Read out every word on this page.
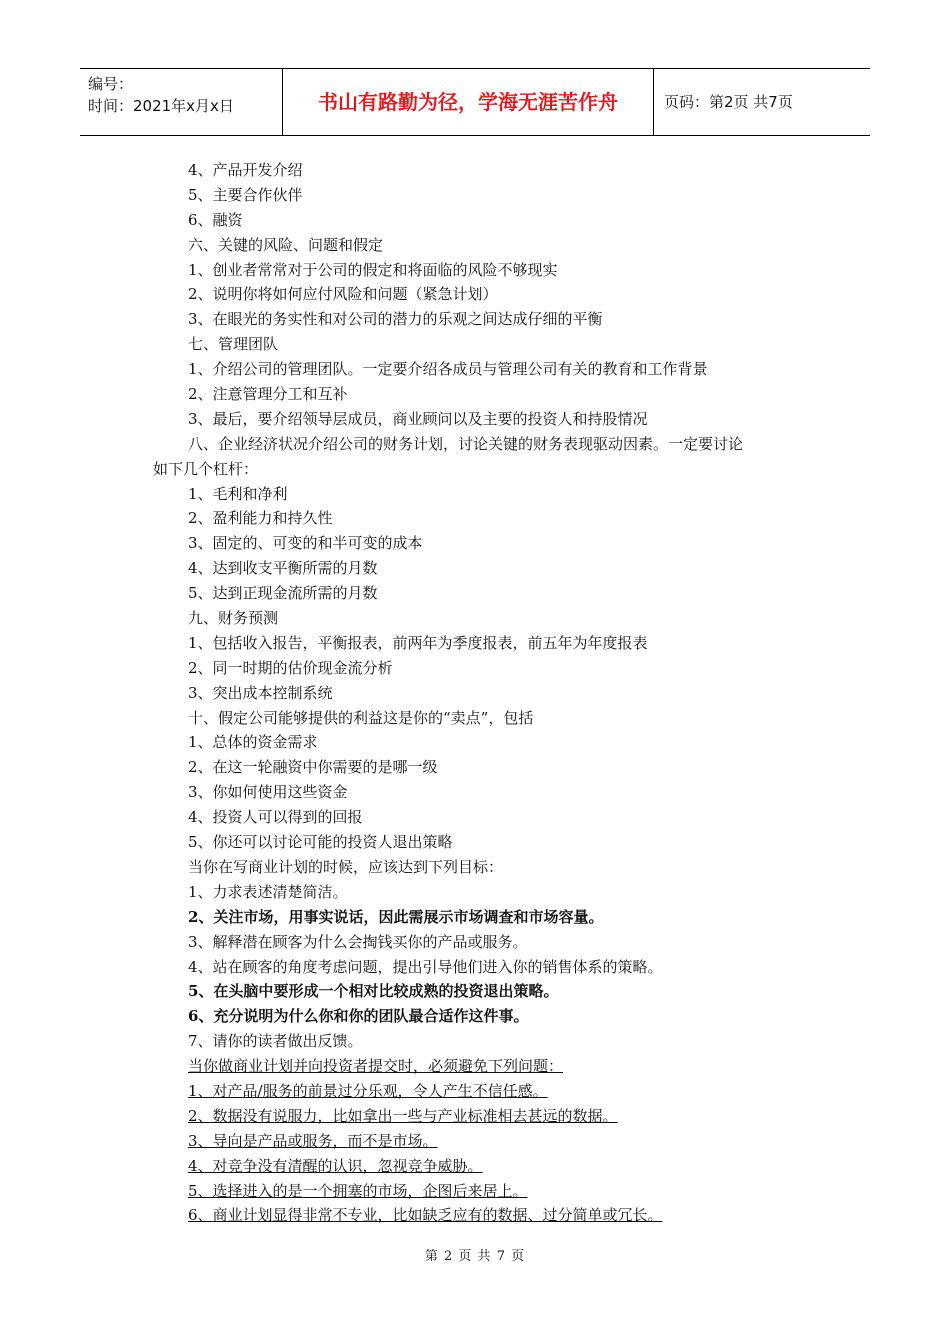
编号：
时间：2021年x月x日	书山有路勤为径，学海无涯苦作舟	页码：第2页 共7页
4、产品开发介绍
5、主要合作伙伴
6、融资
六、关键的风险、问题和假定
1、创业者常常对于公司的假定和将面临的风险不够现实
2、说明你将如何应付风险和问题（紧急计划）
3、在眼光的务实性和对公司的潜力的乐观之间达成仔细的平衡
七、管理团队
1、介绍公司的管理团队。一定要介绍各成员与管理公司有关的教育和工作背景
2、注意管理分工和互补
3、最后，要介绍领导层成员，商业顾问以及主要的投资人和持股情况
八、企业经济状况介绍公司的财务计划，讨论关键的财务表现驱动因素。一定要讨论
如下几个杠杆：
1、毛利和净利
2、盈利能力和持久性
3、固定的、可变的和半可变的成本
4、达到收支平衡所需的月数
5、达到正现金流所需的月数
九、财务预测
1、包括收入报告，平衡报表，前两年为季度报表，前五年为年度报表
2、同一时期的估价现金流分析
3、突出成本控制系统
十、假定公司能够提供的利益这是你的“卖点”，包括
1、总体的资金需求
2、在这一轮融资中你需要的是哪一级
3、你如何使用这些资金
4、投资人可以得到的回报
5、你还可以讨论可能的投资人退出策略
当你在写商业计划的时候，应该达到下列目标：
1、力求表述清楚简洁。
2、关注市场，用事实说话，因此需展示市场调查和市场容量。
3、解释潜在顾客为什么会掏钱买你的产品或服务。
4、站在顾客的角度考虑问题，提出引导他们进入你的销售体系的策略。
5、在头脑中要形成一个相对比较成熟的投资退出策略。
6、充分说明为什么你和你的团队最合适作这件事。
7、请你的读者做出反馈。
当你做商业计划并向投资者提交时，必须避免下列问题：
1、对产品/服务的前景过分乐观，令人产生不信任感。
2、数据没有说服力，比如拿出一些与产业标准相去甚远的数据。
3、导向是产品或服务，而不是市场。
4、对竞争没有清醒的认识，忽视竞争威胁。
5、选择进入的是一个拥塞的市场，企图后来居上。
6、商业计划显得非常不专业，比如缺乏应有的数据、过分简单或冗长。
第 2 页 共 7 页
